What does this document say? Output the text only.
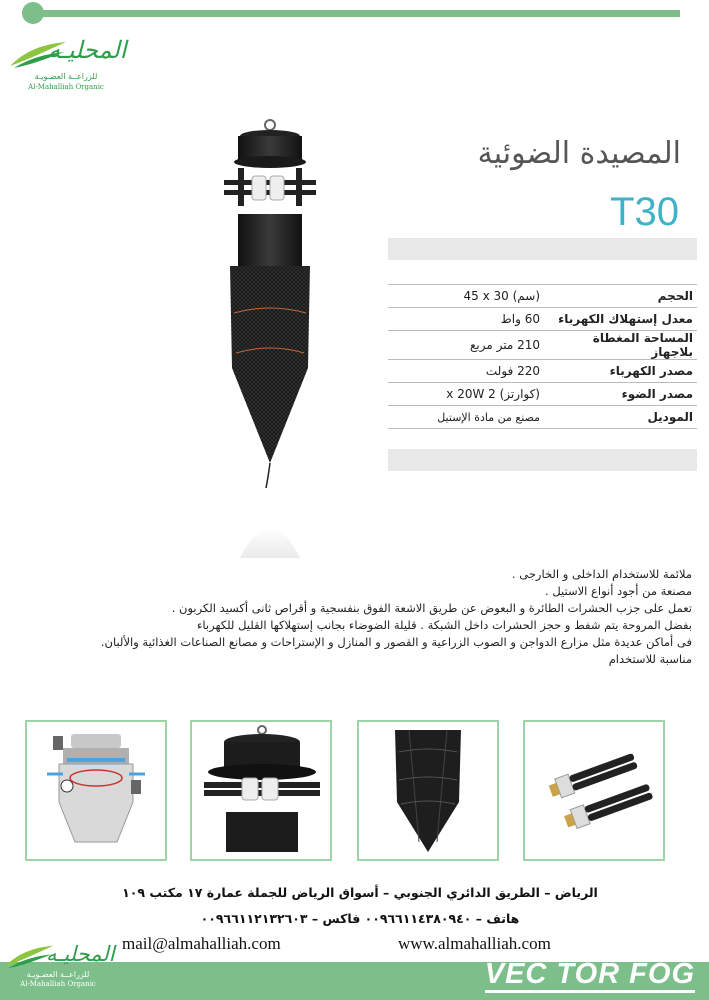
المحليـه
للزراعــة العضـويـة
Al-Mahalliah Organic
المصيدة الضوئية
T30
الحجم	45 x 30 (سم)
معدل إستهلاك الكهرباء	60 واط
المساحة المغطاة بلاجهاز	210 متر مربع
مصدر الكهرباء	220 فولت
مصدر الضوء	(كوارتز) 2 x 20W
الموديل	مصنع من مادة الإستيل
ملائمة للاستخدام الداخلى و الخارجى .
مصنعة من أجود أنواع الاستيل .
تعمل على جزب الحشرات الطائرة و البعوض عن طريق الاشعة الفوق بنفسجية و أقراص ثانى أكسيد الكربون .
بفضل المروحة يتم شفط و حجز الحشرات داخل الشبكة . قليلة الضوضاء بجانب إستهلاكها القليل للكهرباء
فى أماكن عديدة مثل مزارع الدواجن و الصوب الزراعية و القصور و المنازل و الإستراحات و مصانع الصناعات الغذائية والألبان.
مناسبة للاستخدام
الرياض – الطريق الدائري الجنوبي – أسواق الرياض للجملة عمارة ١٧ مكتب ١٠٩
هاتف – ٠٠٩٦٦١١٤٣٨٠٩٤٠ فاكس – ٠٠٩٦٦١١٢١٣٢٦٠٣
mail@almahalliah.com	www.almahalliah.com
المحليـه
للزراعــة العضـويـة
Al-Mahalliah Organic	VEC TOR FOG
